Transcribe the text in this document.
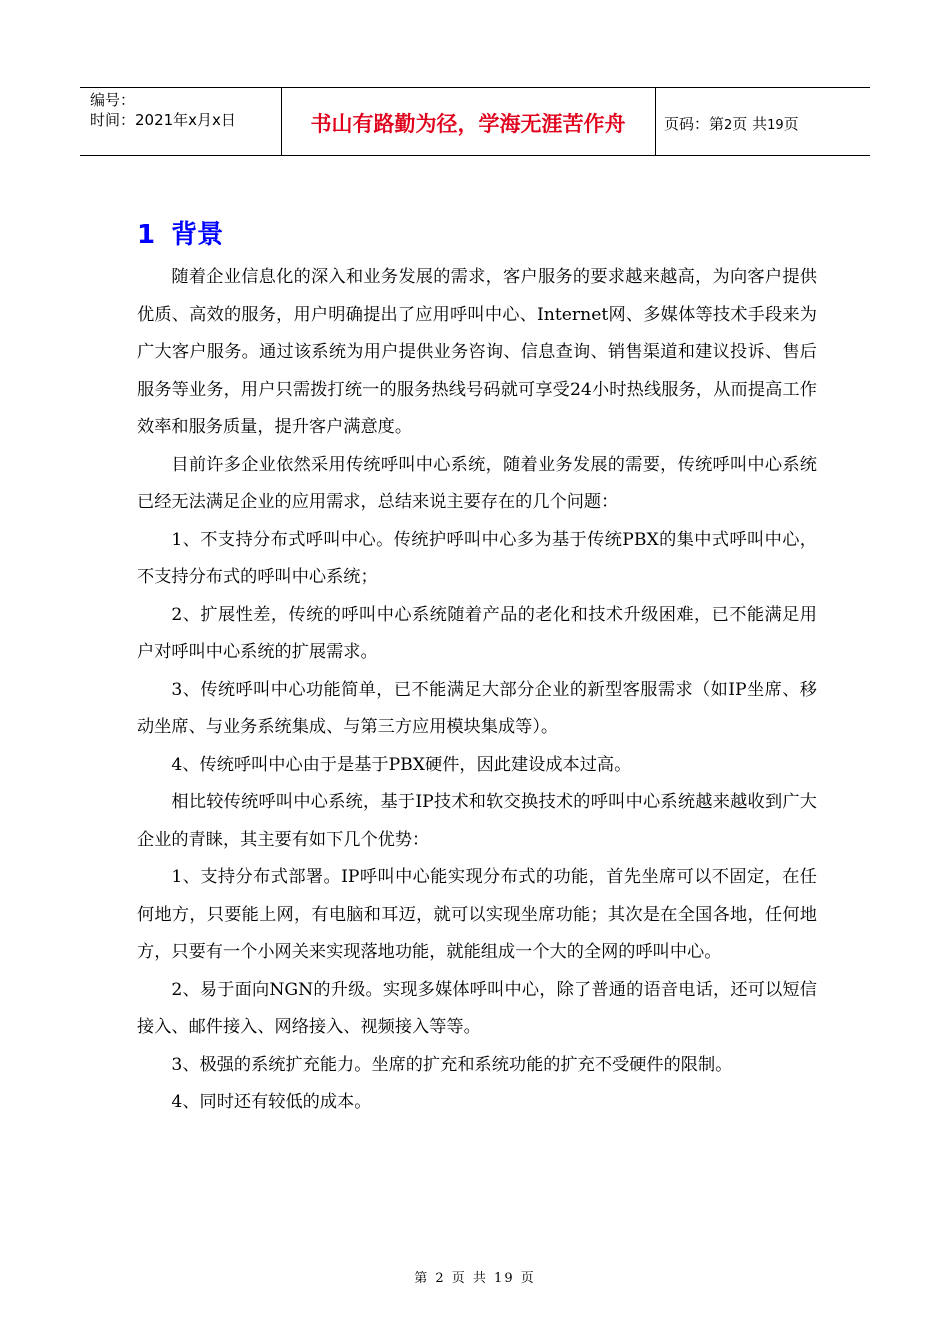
编号：
时间：2021年x月x日	书山有路勤为径，学海无涯苦作舟	页码：第2页 共19页
1 背景

随着企业信息化的深入和业务发展的需求，客户服务的要求越来越高，为向客户提供优质、高效的服务，用户明确提出了应用呼叫中心、Internet网、多媒体等技术手段来为广大客户服务。通过该系统为用户提供业务咨询、信息查询、销售渠道和建议投诉、售后服务等业务，用户只需拨打统一的服务热线号码就可享受24小时热线服务，从而提高工作效率和服务质量，提升客户满意度。

目前许多企业依然采用传统呼叫中心系统，随着业务发展的需要，传统呼叫中心系统已经无法满足企业的应用需求，总结来说主要存在的几个问题：

1、不支持分布式呼叫中心。传统护呼叫中心多为基于传统PBX的集中式呼叫中心，不支持分布式的呼叫中心系统；

2、扩展性差，传统的呼叫中心系统随着产品的老化和技术升级困难，已不能满足用户对呼叫中心系统的扩展需求。

3、传统呼叫中心功能简单，已不能满足大部分企业的新型客服需求（如IP坐席、移动坐席、与业务系统集成、与第三方应用模块集成等）。

4、传统呼叫中心由于是基于PBX硬件，因此建设成本过高。

相比较传统呼叫中心系统，基于IP技术和软交换技术的呼叫中心系统越来越收到广大企业的青睐，其主要有如下几个优势：

1、支持分布式部署。IP呼叫中心能实现分布式的功能，首先坐席可以不固定，在任何地方，只要能上网，有电脑和耳迈，就可以实现坐席功能；其次是在全国各地，任何地方，只要有一个小网关来实现落地功能，就能组成一个大的全网的呼叫中心。

2、易于面向NGN的升级。实现多媒体呼叫中心，除了普通的语音电话，还可以短信接入、邮件接入、网络接入、视频接入等等。

3、极强的系统扩充能力。坐席的扩充和系统功能的扩充不受硬件的限制。

4、同时还有较低的成本。

第 2 页 共 19 页
